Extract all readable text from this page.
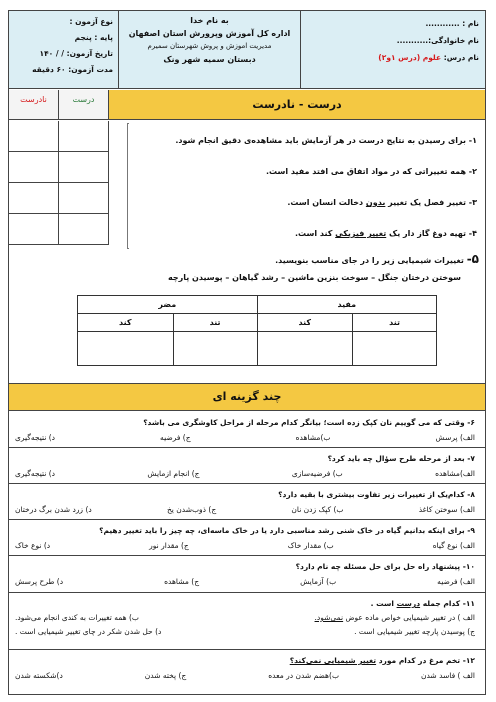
نوع آزمون :
پایه : پنجم
تاریخ آزمون: / / ۱۴۰
مدت آزمون: ۶۰ دقیقه
به نام خدا
اداره کل آموزش وپرورش استان اصفهان
مدیریت اموزش و پروش شهرستان سمیرم
دبستان سمیه شهر ونک
نام : ............
نام خانوادگی:...........
نام درس: علوم (درس ۱و۲)
نادرست	درست	درست - نادرست
۱- برای رسیدن به نتایج درست در هر آزمایش باید مشاهده‌ی دقیق انجام شود.
۲- همه تغییراتی که در مواد اتفاق می افتد مفید است.
۳- تغییر فصل یک تغییر بدون دخالت انسان است.
۴- تهیه دوغ گاز دار یک تغییر فیزیکی کند است.
۵- تغییرات شیمیایی زیر را در جای مناسب بنویسید.
سوختن درختان جنگل – سوخت بنزین ماشین – رشد گیاهان – پوسیدن پارچه
مفید		مضر	
تند	کند	تند	کند

چند گزینه ای
۶- وقتی که می گوییم نان کپک زده است؛ بیانگر کدام مرحله از مراحل کاوشگری می باشد؟
الف) پرسش
ب)مشاهده
ج) فرضیه
د) نتیجه‌گیری
۷- بعد از مرحله طرح سؤال چه باید کرد؟
الف)مشاهده
ب) فرضیه‌سازی
ج) انجام ازمایش
د) نتیجه‌گیری
۸- کدام‌یک از تغییرات زیر تفاوت بیشتری با بقیه دارد؟
الف) سوختن کاغذ
ب) کپک زدن نان
ج) ذوب‌شدن یخ
د) زرد شدن برگ درختان
۹- برای اینکه بدانیم گیاه در خاک شنی رشد مناسبی دارد یا در خاک ماسه‌ای، چه چیز را باید تغییر دهیم؟
الف) نوع گیاه
ب) مقدار خاک
ج) مقدار نور
د) نوع خاک
۱۰- پیشنهاد راه حل برای حل مسئله چه نام دارد؟
الف) فرضیه
ب) آزمایش
ج) مشاهده
د) طرح پرسش
۱۱- کدام جمله درست است .
الف ) در تغییر شیمیایی خواص ماده عوض نمی‌شود.
ب) همه تغییرات به کندی انجام می‌شود.
ج) پوسیدن پارچه تغییر شیمیایی است .
د) حل شدن شکر در چای تغییر شیمیایی است .
۱۲- تخم مرغ در کدام مورد تغییر شیمیایی نمی‌کند؟
الف ) فاسد شدن
ب)هضم شدن در معده
ج) پخته شدن
د)شکسته شدن
